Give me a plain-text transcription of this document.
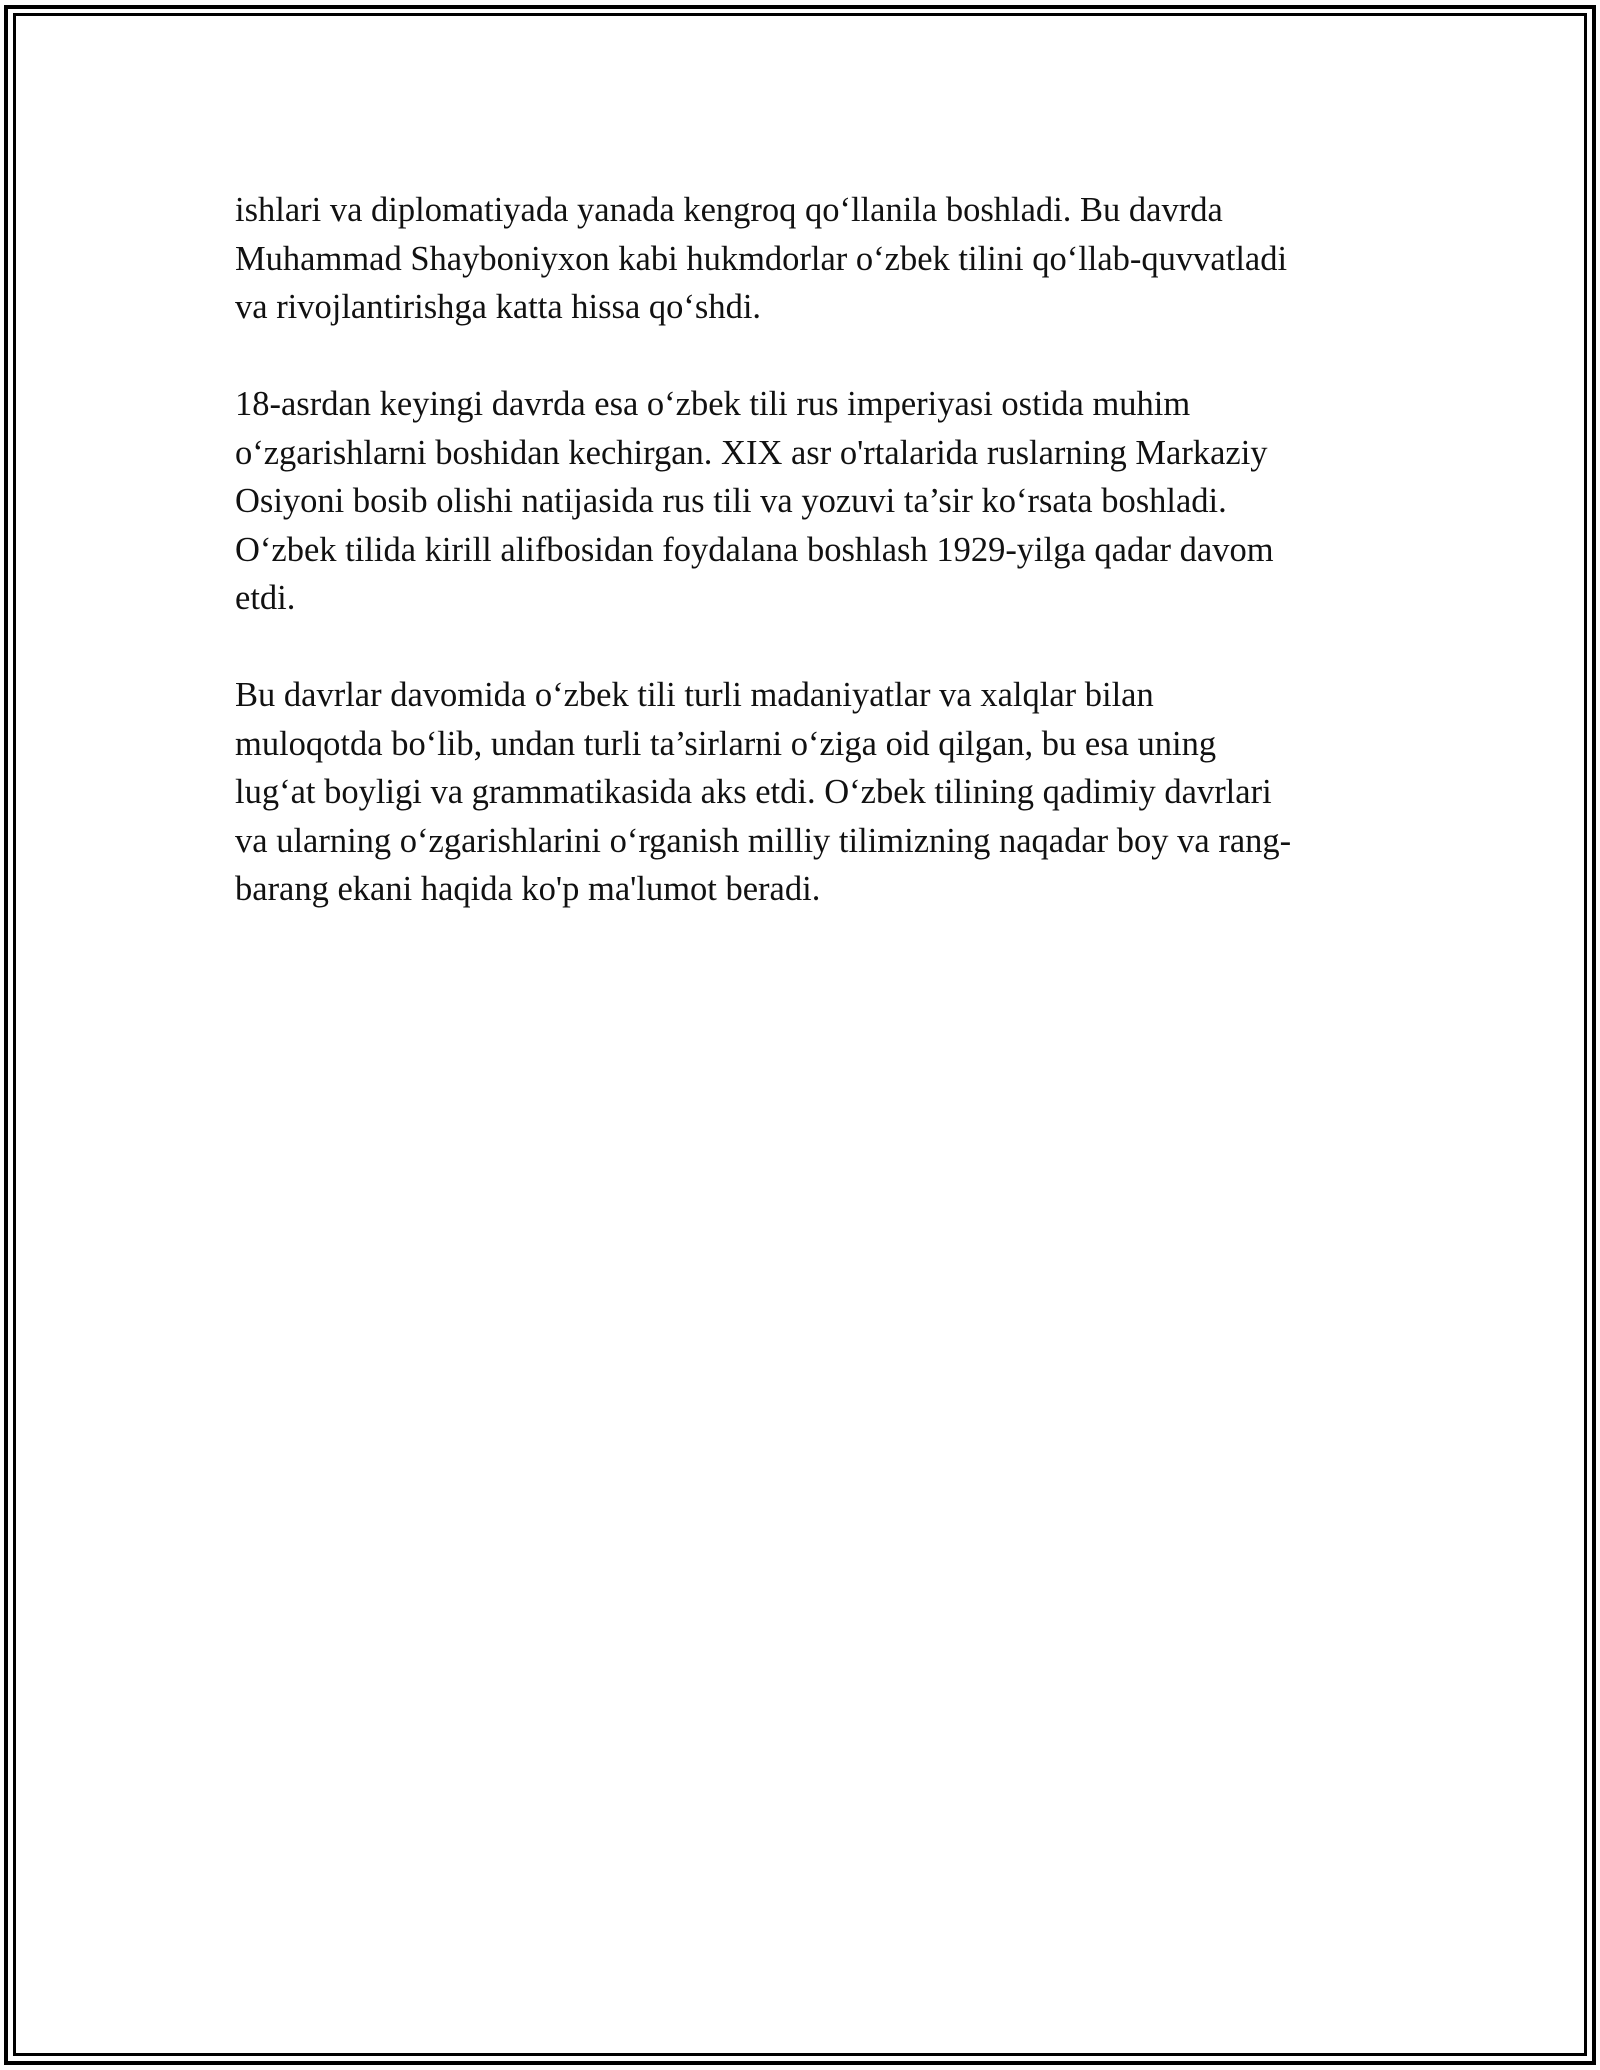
ishlari va diplomatiyada yanada kengroq qo‘llanila boshladi. Bu davrda
Muhammad Shayboniyxon kabi hukmdorlar o‘zbek tilini qo‘llab-quvvatladi
va rivojlantirishga katta hissa qo‘shdi.

18-asrdan keyingi davrda esa o‘zbek tili rus imperiyasi ostida muhim
o‘zgarishlarni boshidan kechirgan. XIX asr o'rtalarida ruslarning Markaziy
Osiyoni bosib olishi natijasida rus tili va yozuvi ta’sir ko‘rsata boshladi.
O‘zbek tilida kirill alifbosidan foydalana boshlash 1929-yilga qadar davom
etdi.

Bu davrlar davomida o‘zbek tili turli madaniyatlar va xalqlar bilan
muloqotda bo‘lib, undan turli ta’sirlarni o‘ziga oid qilgan, bu esa uning
lug‘at boyligi va grammatikasida aks etdi. O‘zbek tilining qadimiy davrlari
va ularning o‘zgarishlarini o‘rganish milliy tilimizning naqadar boy va rang-
barang ekani haqida ko'p ma'lumot beradi.
